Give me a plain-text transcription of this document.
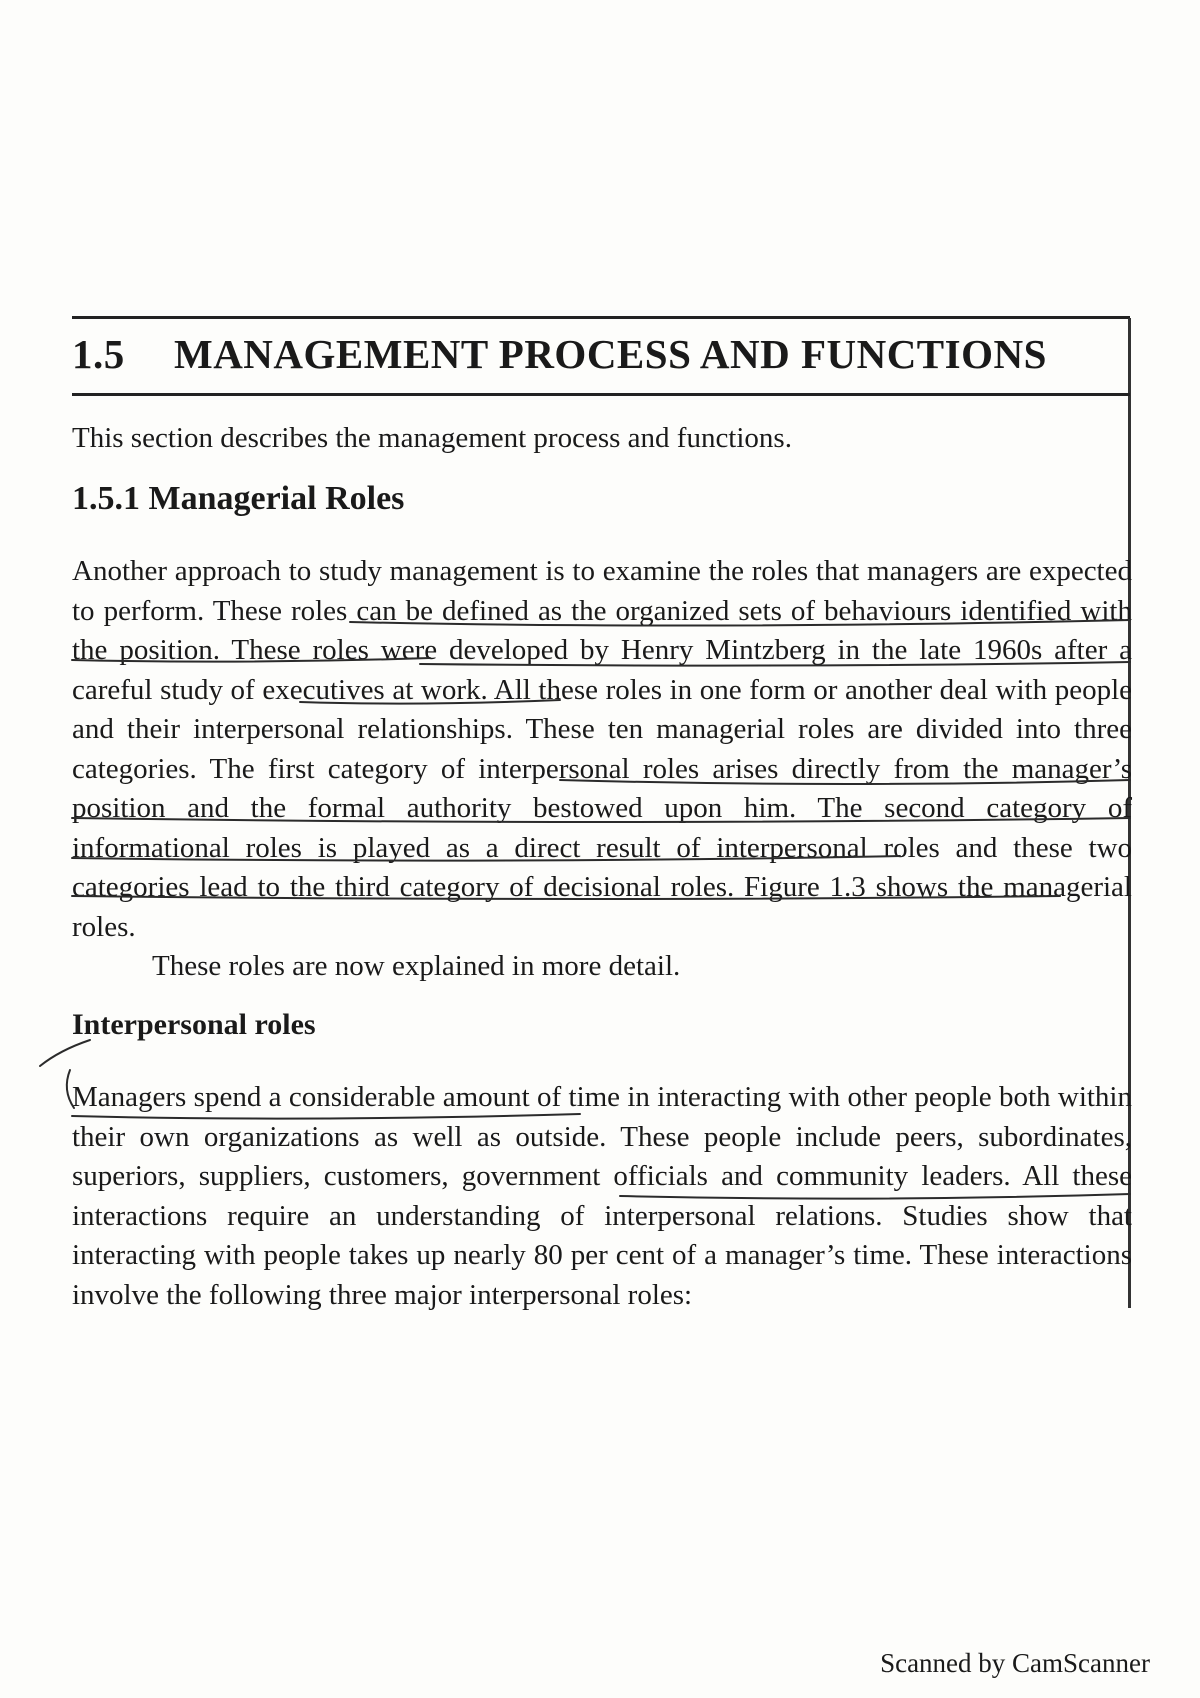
1.5 MANAGEMENT PROCESS AND FUNCTIONS
This section describes the management process and functions.
1.5.1 Managerial Roles
Another approach to study management is to examine the roles that managers are expected to perform. These roles can be defined as the organized sets of behaviours identified with the position. These roles were developed by Henry Mintzberg in the late 1960s after a careful study of executives at work. All these roles in one form or another deal with people and their interpersonal relationships. These ten managerial roles are divided into three categories. The first category of interpersonal roles arises directly from the manager’s position and the formal authority bestowed upon him. The second category of informational roles is played as a direct result of interpersonal roles and these two categories lead to the third category of decisional roles. Figure 1.3 shows the managerial roles.
These roles are now explained in more detail.
Interpersonal roles
Managers spend a considerable amount of time in interacting with other people both within their own organizations as well as outside. These people include peers, subordinates, superiors, suppliers, customers, government officials and community leaders. All these interactions require an understanding of interpersonal relations. Studies show that interacting with people takes up nearly 80 per cent of a manager’s time. These interactions involve the following three major interpersonal roles:
Scanned by CamScanner
